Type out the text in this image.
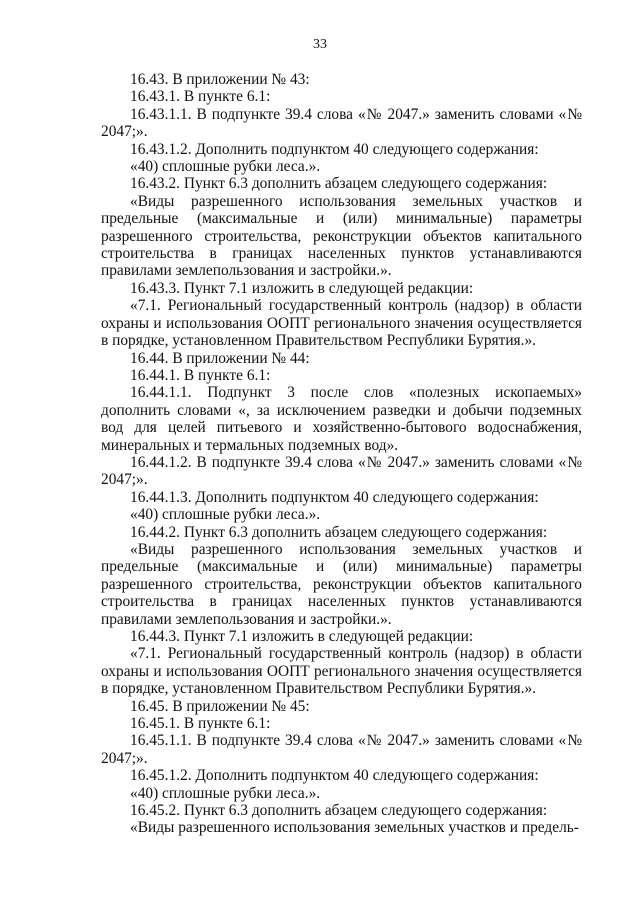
33

16.43. В приложении № 43:

16.43.1. В пункте 6.1:

16.43.1.1. В подпункте 39.4 слова «№ 2047.» заменить словами «№ 2047;».

16.43.1.2. Дополнить подпунктом 40 следующего содержания:

«40) сплошные рубки леса.».

16.43.2. Пункт 6.3 дополнить абзацем следующего содержания:

«Виды разрешенного использования земельных участков и предельные (максимальные и (или) минимальные) параметры разрешенного строительства, реконструкции объектов капитального строительства в границах населенных пунктов устанавливаются правилами землепользования и застройки.».

16.43.3. Пункт 7.1 изложить в следующей редакции:

«7.1. Региональный государственный контроль (надзор) в области охраны и использования ООПТ регионального значения осуществляется в порядке, установленном Правительством Республики Бурятия.».

16.44. В приложении № 44:

16.44.1. В пункте 6.1:

16.44.1.1. Подпункт 3 после слов «полезных ископаемых» дополнить словами «, за исключением разведки и добычи подземных вод для целей питьевого и хозяйственно-бытового водоснабжения, минеральных и термальных подземных вод».

16.44.1.2. В подпункте 39.4 слова «№ 2047.» заменить словами «№ 2047;».

16.44.1.3. Дополнить подпунктом 40 следующего содержания:

«40) сплошные рубки леса.».

16.44.2. Пункт 6.3 дополнить абзацем следующего содержания:

«Виды разрешенного использования земельных участков и предельные (максимальные и (или) минимальные) параметры разрешенного строительства, реконструкции объектов капитального строительства в границах населенных пунктов устанавливаются правилами землепользования и застройки.».

16.44.3. Пункт 7.1 изложить в следующей редакции:

«7.1. Региональный государственный контроль (надзор) в области охраны и использования ООПТ регионального значения осуществляется в порядке, установленном Правительством Республики Бурятия.».

16.45. В приложении № 45:

16.45.1. В пункте 6.1:

16.45.1.1. В подпункте 39.4 слова «№ 2047.» заменить словами «№ 2047;».

16.45.1.2. Дополнить подпунктом 40 следующего содержания:

«40) сплошные рубки леса.».

16.45.2. Пункт 6.3 дополнить абзацем следующего содержания:

«Виды разрешенного использования земельных участков и предель-
